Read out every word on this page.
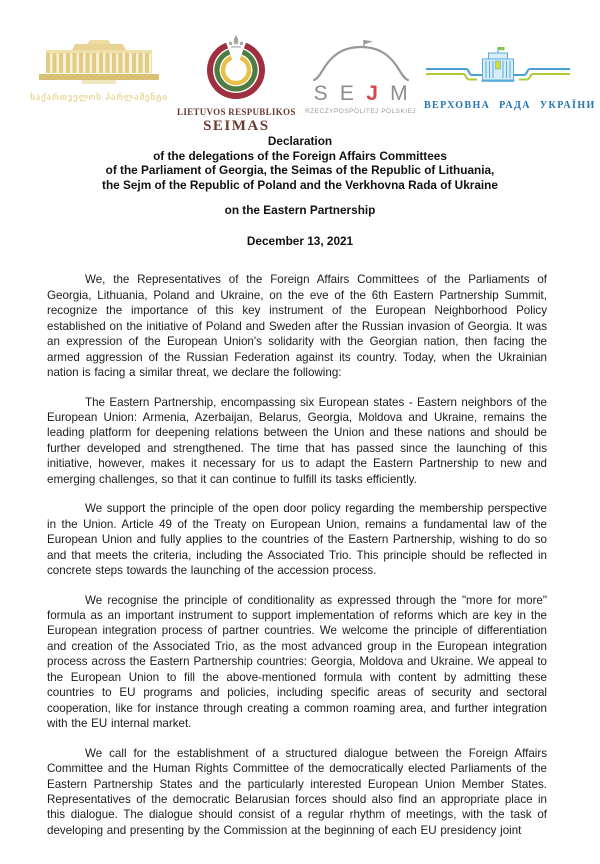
საქართველოს პარლამენტი
LIETUVOS RESPUBLIKOS
SEIMAS
S E J M
RZECZYPOSPOLITEJ POLSKIEJ
ВЕРХОВНА РАДА УКРАЇНИ
Declaration
of the delegations of the Foreign Affairs Committees
of the Parliament of Georgia, the Seimas of the Republic of Lithuania,
the Sejm of the Republic of Poland and the Verkhovna Rada of Ukraine
on the Eastern Partnership
December 13, 2021

We, the Representatives of the Foreign Affairs Committees of the Parliaments of Georgia, Lithuania, Poland and Ukraine, on the eve of the 6th Eastern Partnership Summit, recognize the importance of this key instrument of the European Neighborhood Policy established on the initiative of Poland and Sweden after the Russian invasion of Georgia. It was an expression of the European Union's solidarity with the Georgian nation, then facing the armed aggression of the Russian Federation against its country. Today, when the Ukrainian nation is facing a similar threat, we declare the following:

The Eastern Partnership, encompassing six European states - Eastern neighbors of the European Union: Armenia, Azerbaijan, Belarus, Georgia, Moldova and Ukraine, remains the leading platform for deepening relations between the Union and these nations and should be further developed and strengthened. The time that has passed since the launching of this initiative, however, makes it necessary for us to adapt the Eastern Partnership to new and emerging challenges, so that it can continue to fulfill its tasks efficiently.

We support the principle of the open door policy regarding the membership perspective in the Union. Article 49 of the Treaty on European Union, remains a fundamental law of the European Union and fully applies to the countries of the Eastern Partnership, wishing to do so and that meets the criteria, including the Associated Trio. This principle should be reflected in concrete steps towards the launching of the accession process.

We recognise the principle of conditionality as expressed through the "more for more" formula as an important instrument to support implementation of reforms which are key in the European integration process of partner countries. We welcome the principle of differentiation and creation of the Associated Trio, as the most advanced group in the European integration process across the Eastern Partnership countries: Georgia, Moldova and Ukraine. We appeal to the European Union to fill the above-mentioned formula with content by admitting these countries to EU programs and policies, including specific areas of security and sectoral cooperation, like for instance through creating a common roaming area, and further integration with the EU internal market.

We call for the establishment of a structured dialogue between the Foreign Affairs Committee and the Human Rights Committee of the democratically elected Parliaments of the Eastern Partnership States and the particularly interested European Union Member States. Representatives of the democratic Belarusian forces should also find an appropriate place in this dialogue. The dialogue should consist of a regular rhythm of meetings, with the task of developing and presenting by the Commission at the beginning of each EU presidency joint
